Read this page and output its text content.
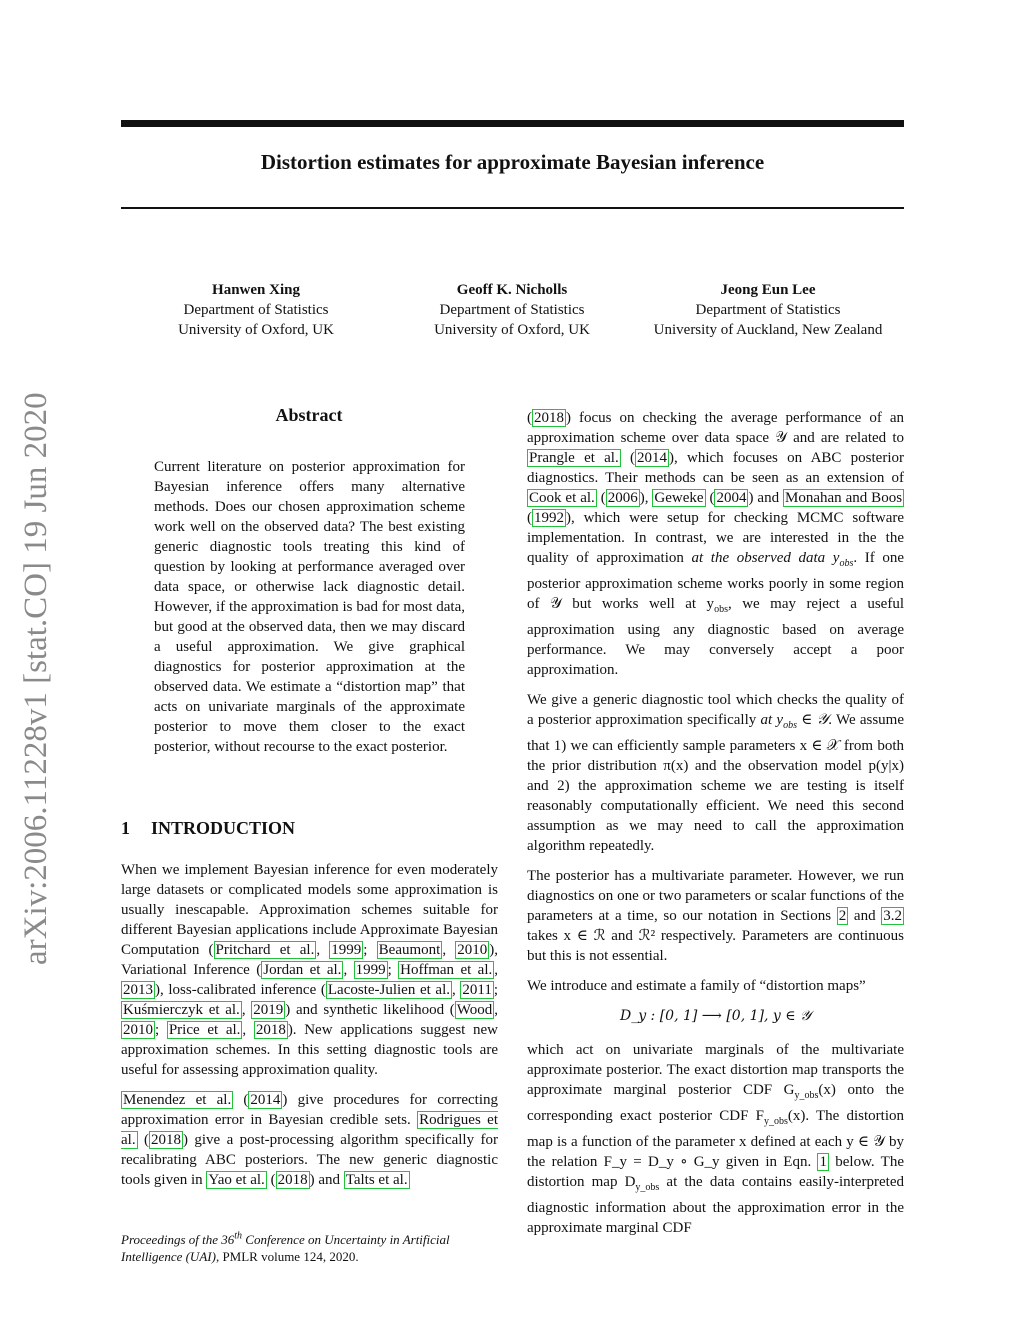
Distortion estimates for approximate Bayesian inference
Hanwen Xing
Department of Statistics
University of Oxford, UK
Geoff K. Nicholls
Department of Statistics
University of Oxford, UK
Jeong Eun Lee
Department of Statistics
University of Auckland, New Zealand
arXiv:2006.11228v1 [stat.CO] 19 Jun 2020	Abstract
Current literature on posterior approximation for Bayesian inference offers many alternative methods. Does our chosen approximation scheme work well on the observed data? The best existing generic diagnostic tools treating this kind of question by looking at performance averaged over data space, or otherwise lack diagnostic detail. However, if the approximation is bad for most data, but good at the observed data, then we may discard a useful approximation. We give graphical diagnostics for posterior approximation at the observed data. We estimate a “distortion map” that acts on univariate marginals of the approximate posterior to move them closer to the exact posterior, without recourse to the exact posterior.
1 INTRODUCTION

When we implement Bayesian inference for even moderately large datasets or complicated models some approximation is usually inescapable. Approximation schemes suitable for different Bayesian applications include Approximate Bayesian Computation ( Pritchard et al. , 1999 ; Beaumont , 2010 ), Variational Inference ( Jordan et al. , 1999 ; Hoffman et al. , 2013 ), loss-calibrated inference ( Lacoste-Julien et al. , 2011 ; Kuśmierczyk et al. , 2019 ) and synthetic likelihood ( Wood , 2010 ; Price et al. , 2018 ). New applications suggest new approximation schemes. In this setting diagnostic tools are useful for assessing approximation quality.

Menendez et al. ( 2014 ) give procedures for correcting approximation error in Bayesian credible sets. Rodrigues et al. ( 2018 ) give a post-processing algorithm specifically for recalibrating ABC posteriors. The new generic diagnostic tools given in Yao et al. ( 2018 ) and Talts et al.

Proceedings of the 36th Conference on Uncertainty in Artificial Intelligence (UAI), PMLR volume 124, 2020.

( 2018 ) focus on checking the average performance of an approximation scheme over data space 𝒴 and are related to Prangle et al. ( 2014 ), which focuses on ABC posterior diagnostics. Their methods can be seen as an extension of Cook et al. ( 2006 ), Geweke ( 2004 ) and Monahan and Boos ( 1992 ), which were setup for checking MCMC software implementation. In contrast, we are interested in the the quality of approximation at the observed data $y_{obs}$. If one posterior approximation scheme works poorly in some region of 𝒴 but works well at $y_{obs}$, we may reject a useful approximation using any diagnostic based on average performance. We may conversely accept a poor approximation.

We give a generic diagnostic tool which checks the quality of a posterior approximation specifically at $y_{obs}$ ∈ 𝒴. We assume that 1) we can efficiently sample parameters x ∈ 𝒳 from both the prior distribution π(x) and the observation model p(y|x) and 2) the approximation scheme we are testing is itself reasonably computationally efficient. We need this second assumption as we may need to call the approximation algorithm repeatedly.

The posterior has a multivariate parameter. However, we run diagnostics on one or two parameters or scalar functions of the parameters at a time, so our notation in Sections 2 and 3.2 takes x ∈ ℛ and ℛ² respectively. Parameters are continuous but this is not essential.

We introduce and estimate a family of “distortion maps”

D_y : [0, 1] ⟶ [0, 1], y ∈ 𝒴

which act on univariate marginals of the multivariate approximate posterior. The exact distortion map transports the approximate marginal posterior CDF $G_{y\_obs}(x)$ onto the corresponding exact posterior CDF $F_{y\_obs}(x)$. The distortion map is a function of the parameter x defined at each y ∈ 𝒴 by the relation F_y = D_y ∘ G_y given in Eqn. 1 below. The distortion map $D_{y\_obs}$ at the data contains easily-interpreted diagnostic information about the approximation error in the approximate marginal CDF
